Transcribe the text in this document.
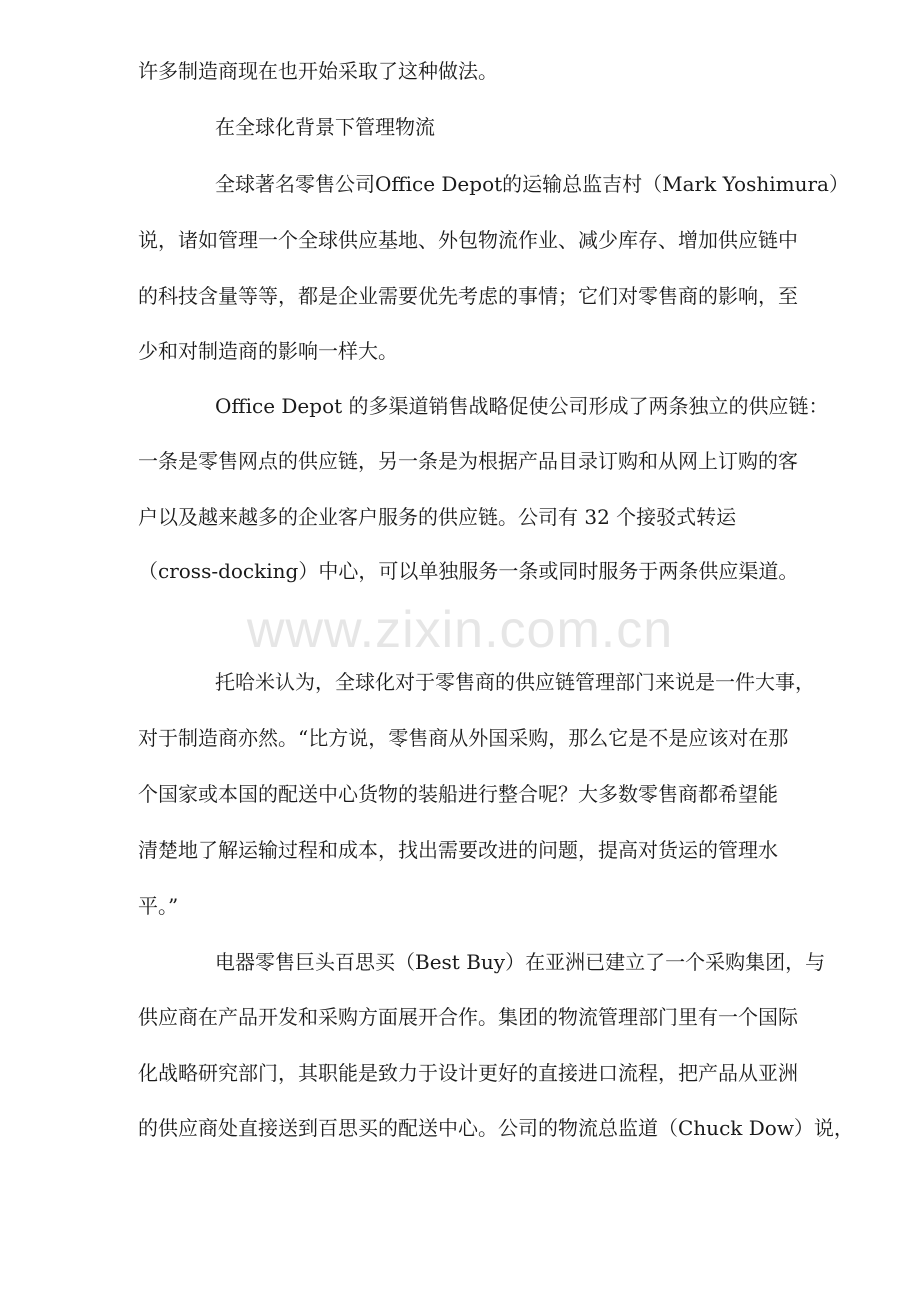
许多制造商现在也开始采取了这种做法。
在全球化背景下管理物流
全球著名零售公司Office Depot的运输总监吉村（Mark Yoshimura）
说，诸如管理一个全球供应基地、外包物流作业、减少库存、增加供应链中
的科技含量等等，都是企业需要优先考虑的事情；它们对零售商的影响，至
少和对制造商的影响一样大。
Office Depot 的多渠道销售战略促使公司形成了两条独立的供应链：
一条是零售网点的供应链，另一条是为根据产品目录订购和从网上订购的客
户以及越来越多的企业客户服务的供应链。公司有 32 个接驳式转运
（cross-docking）中心，可以单独服务一条或同时服务于两条供应渠道。
www.zixin.com.cn
托哈米认为，全球化对于零售商的供应链管理部门来说是一件大事，
对于制造商亦然。“比方说，零售商从外国采购，那么它是不是应该对在那
个国家或本国的配送中心货物的装船进行整合呢？大多数零售商都希望能
清楚地了解运输过程和成本，找出需要改进的问题，提高对货运的管理水
平。”
电器零售巨头百思买（Best Buy）在亚洲已建立了一个采购集团，与
供应商在产品开发和采购方面展开合作。集团的物流管理部门里有一个国际
化战略研究部门，其职能是致力于设计更好的直接进口流程，把产品从亚洲
的供应商处直接送到百思买的配送中心。公司的物流总监道（Chuck Dow）说，
